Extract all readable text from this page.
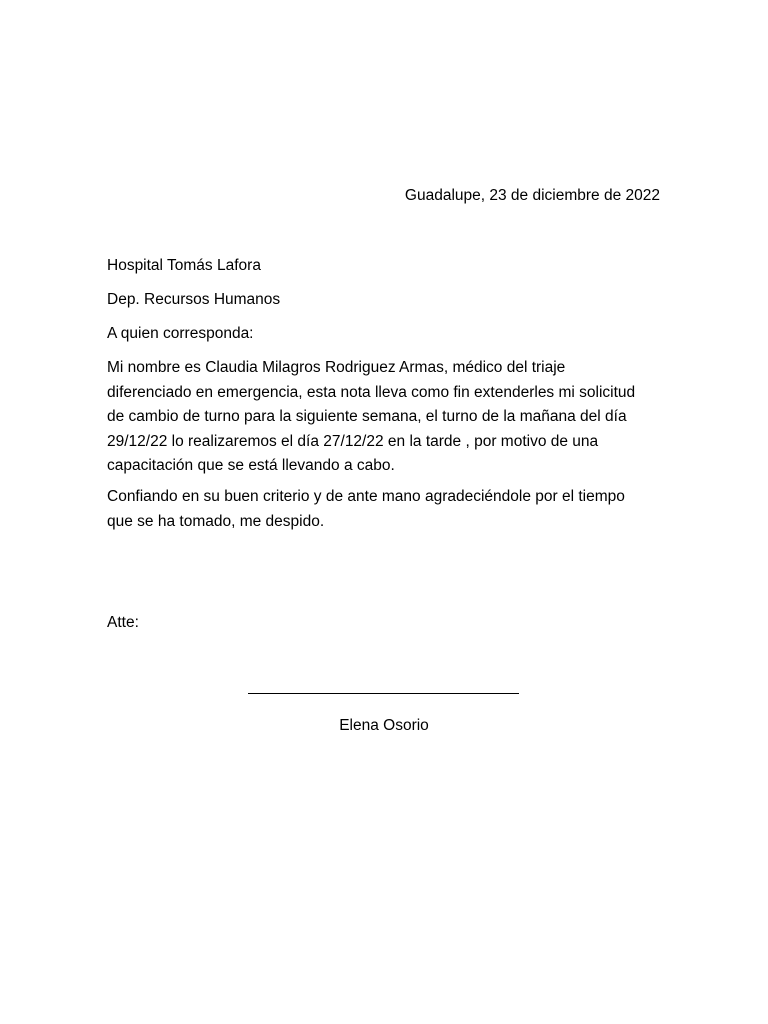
Guadalupe, 23 de diciembre de 2022
Hospital Tomás Lafora
Dep. Recursos Humanos
A quien corresponda:
Mi nombre es Claudia Milagros Rodriguez Armas, médico del triaje
diferenciado en emergencia, esta nota lleva como fin extenderles mi solicitud
de cambio de turno para la siguiente semana, el turno de la mañana del día
29/12/22 lo realizaremos el día 27/12/22 en la tarde , por motivo de una
capacitación que se está llevando a cabo.
Confiando en su buen criterio y de ante mano agradeciéndole por el tiempo
que se ha tomado, me despido.
Atte:
Elena Osorio
